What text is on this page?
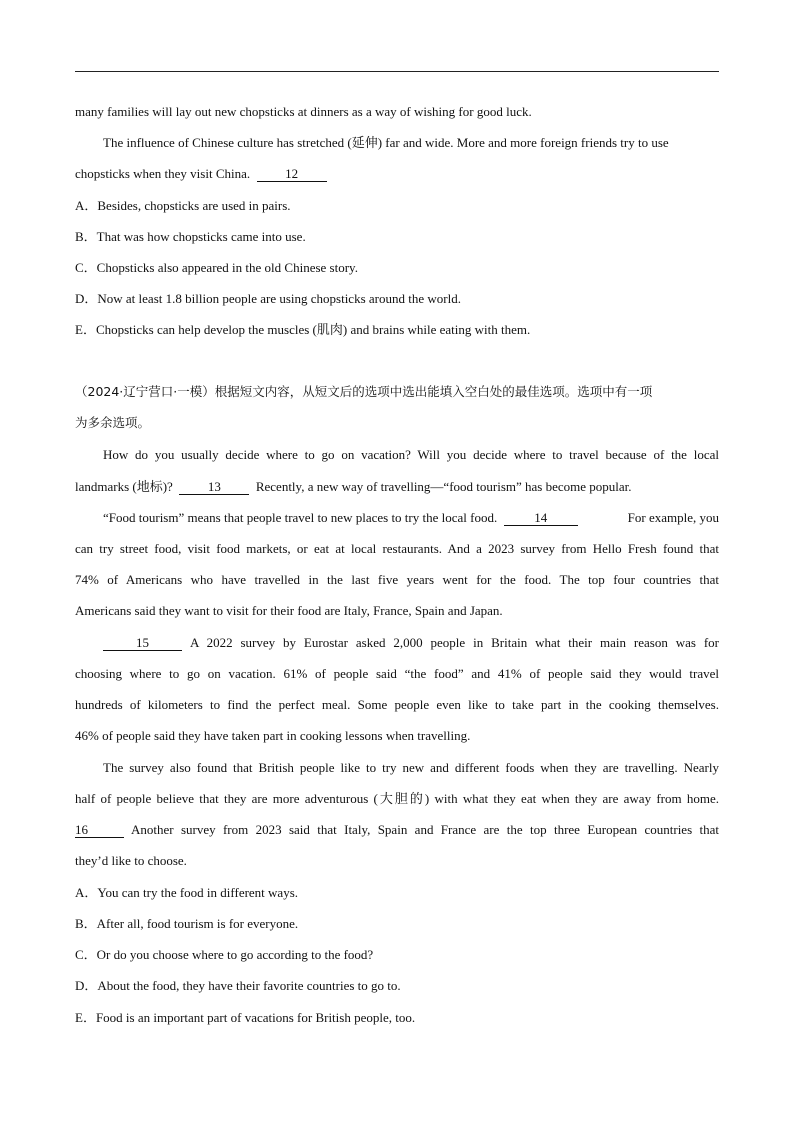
many families will lay out new chopsticks at dinners as a way of wishing for good luck.
The influence of Chinese culture has stretched (延伸) far and wide. More and more foreign friends try to use
chopsticks when they visit China.	12
A．Besides, chopsticks are used in pairs.
B．That was how chopsticks came into use.
C．Chopsticks also appeared in the old Chinese story.
D．Now at least 1.8 billion people are using chopsticks around the world.
E．Chopsticks can help develop the muscles (肌肉) and brains while eating with them.
（2024·辽宁营口·一模）根据短文内容，从短文后的选项中选出能填入空白处的最佳选项。选项中有一项
为多余选项。
How do you usually decide where to go on vacation? Will you decide where to travel because of the local
landmarks (地标)?	13	Recently, a new way of travelling—“food tourism” has become popular.
“Food tourism” means that people travel to new places to try the local food.	14	For example, you
can try street food, visit food markets, or eat at local restaurants. And a 2023 survey from Hello Fresh found that
74% of Americans who have travelled in the last five years went for the food. The top four countries that
Americans said they want to visit for their food are Italy, France, Spain and Japan.
15	A 2022 survey by Eurostar asked 2,000 people in Britain what their main reason was for
choosing where to go on vacation. 61% of people said “the food” and 41% of people said they would travel
hundreds of kilometers to find the perfect meal. Some people even like to take part in the cooking themselves.
46% of people said they have taken part in cooking lessons when travelling.
The survey also found that British people like to try new and different foods when they are travelling. Nearly
half of people believe that they are more adventurous (大胆的) with what they eat when they are away from home.
16	Another survey from 2023 said that Italy, Spain and France are the top three European countries that
they’d like to choose.
A．You can try the food in different ways.
B．After all, food tourism is for everyone.
C．Or do you choose where to go according to the food?
D．About the food, they have their favorite countries to go to.
E．Food is an important part of vacations for British people, too.
